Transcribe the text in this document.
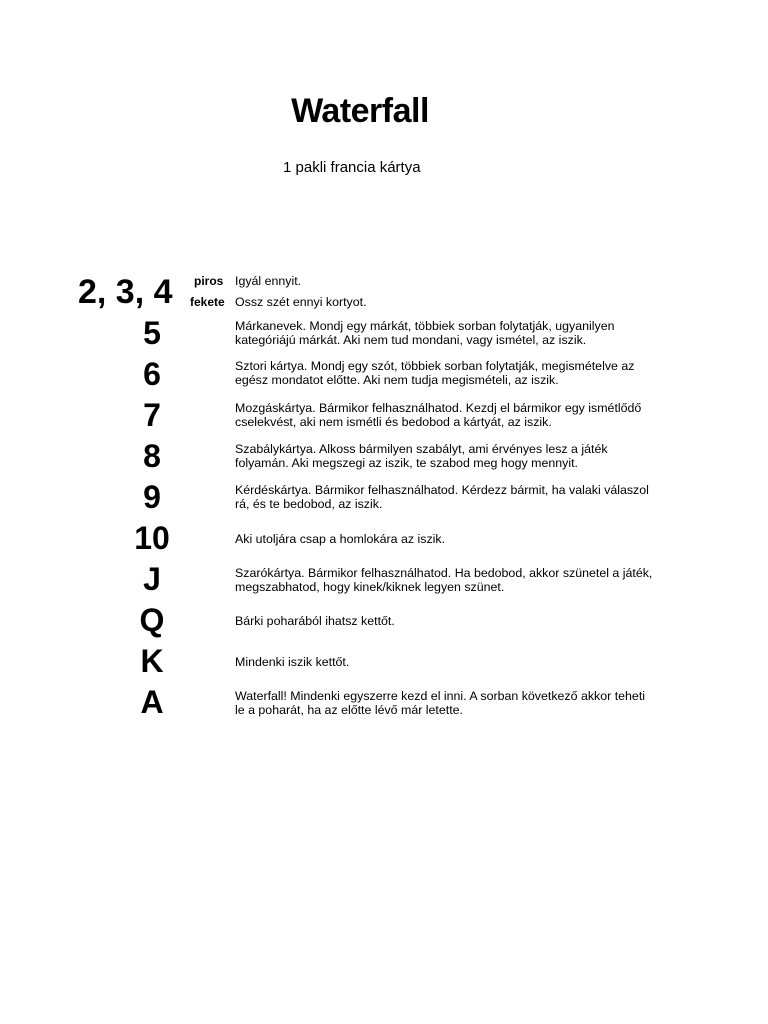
Waterfall

1 pakli francia kártya

2, 3, 4	piros Igyál ennyit.
fekete Ossz szét ennyi kortyot.
5	Márkanevek. Mondj egy márkát, többiek sorban folytatják, ugyanilyen kategóriájú márkát. Aki nem tud mondani, vagy ismétel, az iszik.
6	Sztori kártya. Mondj egy szót, többiek sorban folytatják, megismételve az egész mondatot előtte. Aki nem tudja megismételi, az iszik.
7	Mozgáskártya. Bármikor felhasználhatod. Kezdj el bármikor egy ismétlődő cselekvést, aki nem ismétli és bedobod a kártyát, az iszik.
8	Szabálykártya. Alkoss bármilyen szabályt, ami érvényes lesz a játék folyamán. Aki megszegi az iszik, te szabod meg hogy mennyit.
9	Kérdéskártya. Bármikor felhasználhatod. Kérdezz bármit, ha valaki válaszol rá, és te bedobod, az iszik.
10	Aki utoljára csap a homlokára az iszik.
J	Szarókártya. Bármikor felhasználhatod. Ha bedobod, akkor szünetel a játék, megszabhatod, hogy kinek/kiknek legyen szünet.
Q	Bárki poharából ihatsz kettőt.
K	Mindenki iszik kettőt.
A	Waterfall! Mindenki egyszerre kezd el inni. A sorban következő akkor teheti le a poharát, ha az előtte lévő már letette.
